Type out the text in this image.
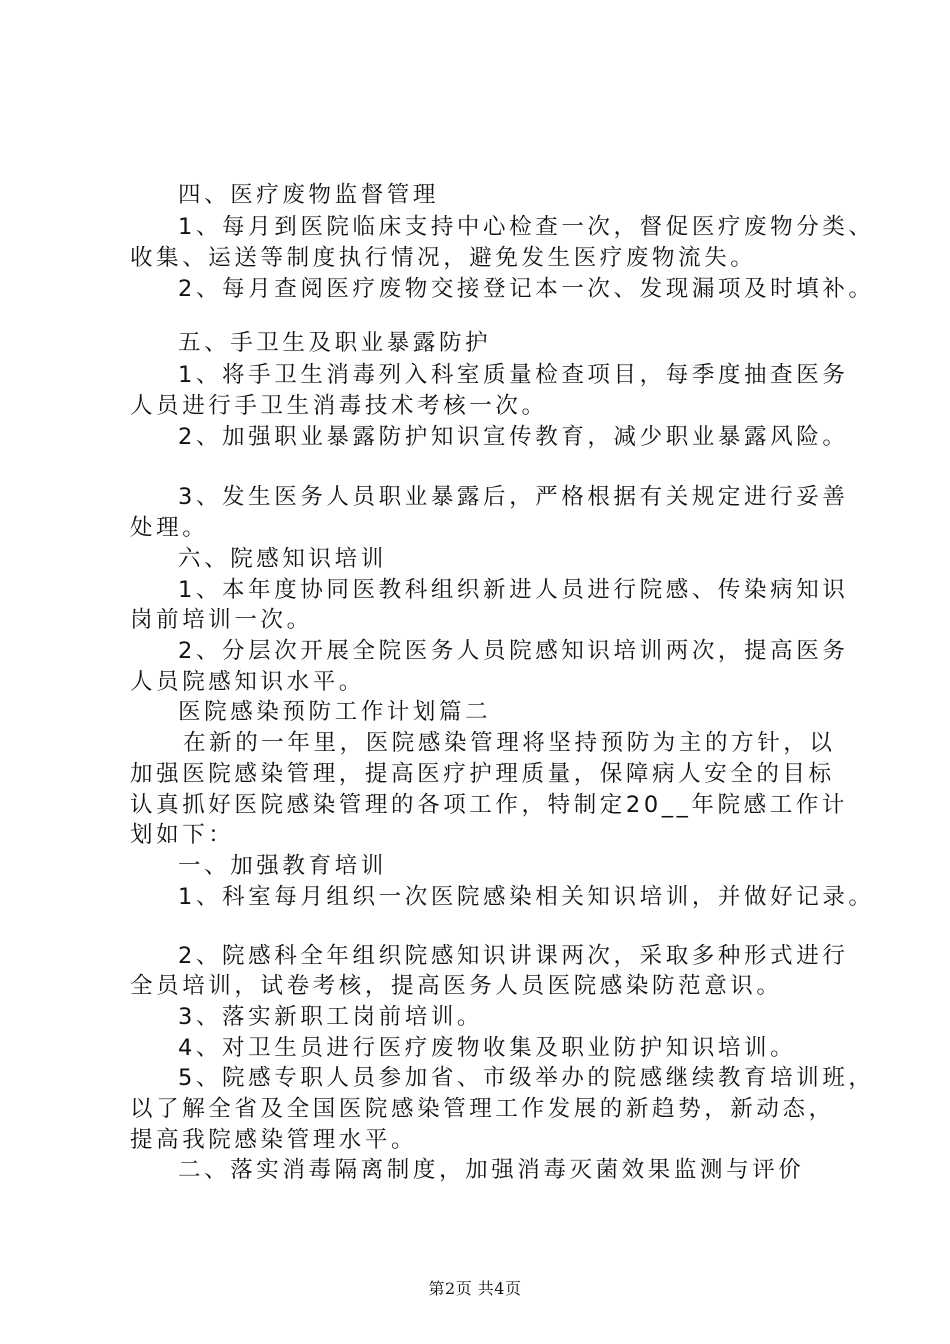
四、医疗废物监督管理
1、每月到医院临床支持中心检查一次，督促医疗废物分类、
收集、运送等制度执行情况，避免发生医疗废物流失。
2、每月查阅医疗废物交接登记本一次、发现漏项及时填补。
五、手卫生及职业暴露防护
1、将手卫生消毒列入科室质量检查项目，每季度抽查医务
人员进行手卫生消毒技术考核一次。
2、加强职业暴露防护知识宣传教育，减少职业暴露风险。
3、发生医务人员职业暴露后，严格根据有关规定进行妥善
处理。
六、院感知识培训
1、本年度协同医教科组织新进人员进行院感、传染病知识
岗前培训一次。
2、分层次开展全院医务人员院感知识培训两次，提高医务
人员院感知识水平。
医院感染预防工作计划篇二
在新的一年里，医院感染管理将坚持预防为主的方针，以
加强医院感染管理，提高医疗护理质量，保障病人安全的目标
认真抓好医院感染管理的各项工作，特制定20__年院感工作计
划如下：
一、加强教育培训
1、科室每月组织一次医院感染相关知识培训，并做好记录。
2、院感科全年组织院感知识讲课两次，采取多种形式进行
全员培训，试卷考核，提高医务人员医院感染防范意识。
3、落实新职工岗前培训。
4、对卫生员进行医疗废物收集及职业防护知识培训。
5、院感专职人员参加省、市级举办的院感继续教育培训班，
以了解全省及全国医院感染管理工作发展的新趋势，新动态，
提高我院感染管理水平。
二、落实消毒隔离制度，加强消毒灭菌效果监测与评价
第2页 共4页
